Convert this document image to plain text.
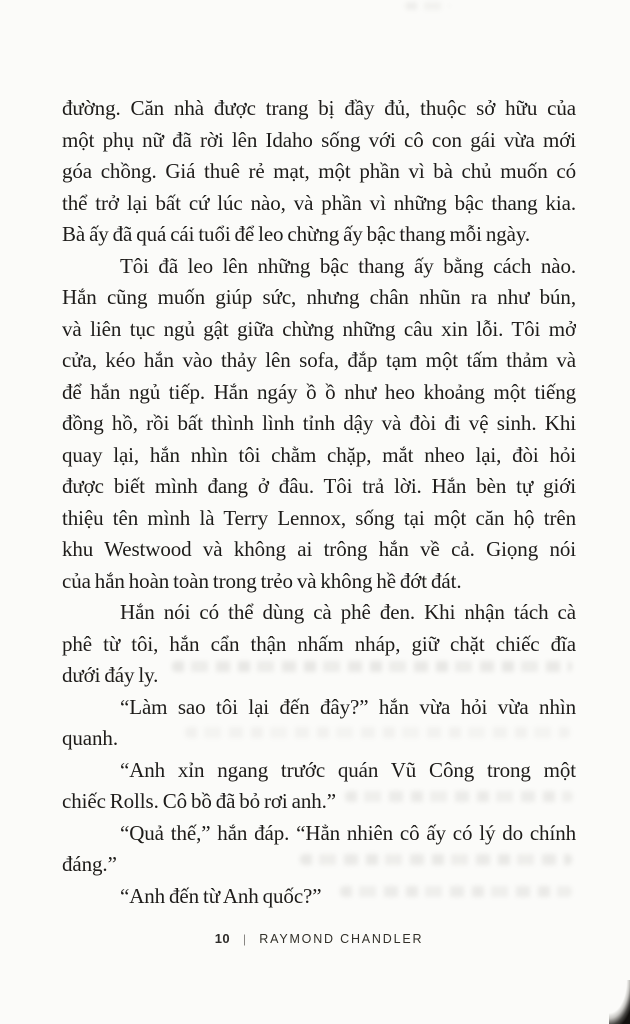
đường. Căn nhà được trang bị đầy đủ, thuộc sở hữu của
một phụ nữ đã rời lên Idaho sống với cô con gái vừa mới
góa chồng. Giá thuê rẻ mạt, một phần vì bà chủ muốn có
thể trở lại bất cứ lúc nào, và phần vì những bậc thang kia.
Bà ấy đã quá cái tuổi để leo chừng ấy bậc thang mỗi ngày.
Tôi đã leo lên những bậc thang ấy bằng cách nào.
Hắn cũng muốn giúp sức, nhưng chân nhũn ra như bún,
và liên tục ngủ gật giữa chừng những câu xin lỗi. Tôi mở
cửa, kéo hắn vào thảy lên sofa, đắp tạm một tấm thảm và
để hắn ngủ tiếp. Hắn ngáy ồ ồ như heo khoảng một tiếng
đồng hồ, rồi bất thình lình tỉnh dậy và đòi đi vệ sinh. Khi
quay lại, hắn nhìn tôi chằm chặp, mắt nheo lại, đòi hỏi
được biết mình đang ở đâu. Tôi trả lời. Hắn bèn tự giới
thiệu tên mình là Terry Lennox, sống tại một căn hộ trên
khu Westwood và không ai trông hắn về cả. Giọng nói
của hắn hoàn toàn trong trẻo và không hề đớt đát.
Hắn nói có thể dùng cà phê đen. Khi nhận tách cà
phê từ tôi, hắn cẩn thận nhấm nháp, giữ chặt chiếc đĩa
dưới đáy ly.
“Làm sao tôi lại đến đây?” hắn vừa hỏi vừa nhìn
quanh.
“Anh xỉn ngang trước quán Vũ Công trong một
chiếc Rolls. Cô bồ đã bỏ rơi anh.”
“Quả thế,” hắn đáp. “Hẳn nhiên cô ấy có lý do chính
đáng.”
“Anh đến từ Anh quốc?”
10 | RAYMOND CHANDLER
